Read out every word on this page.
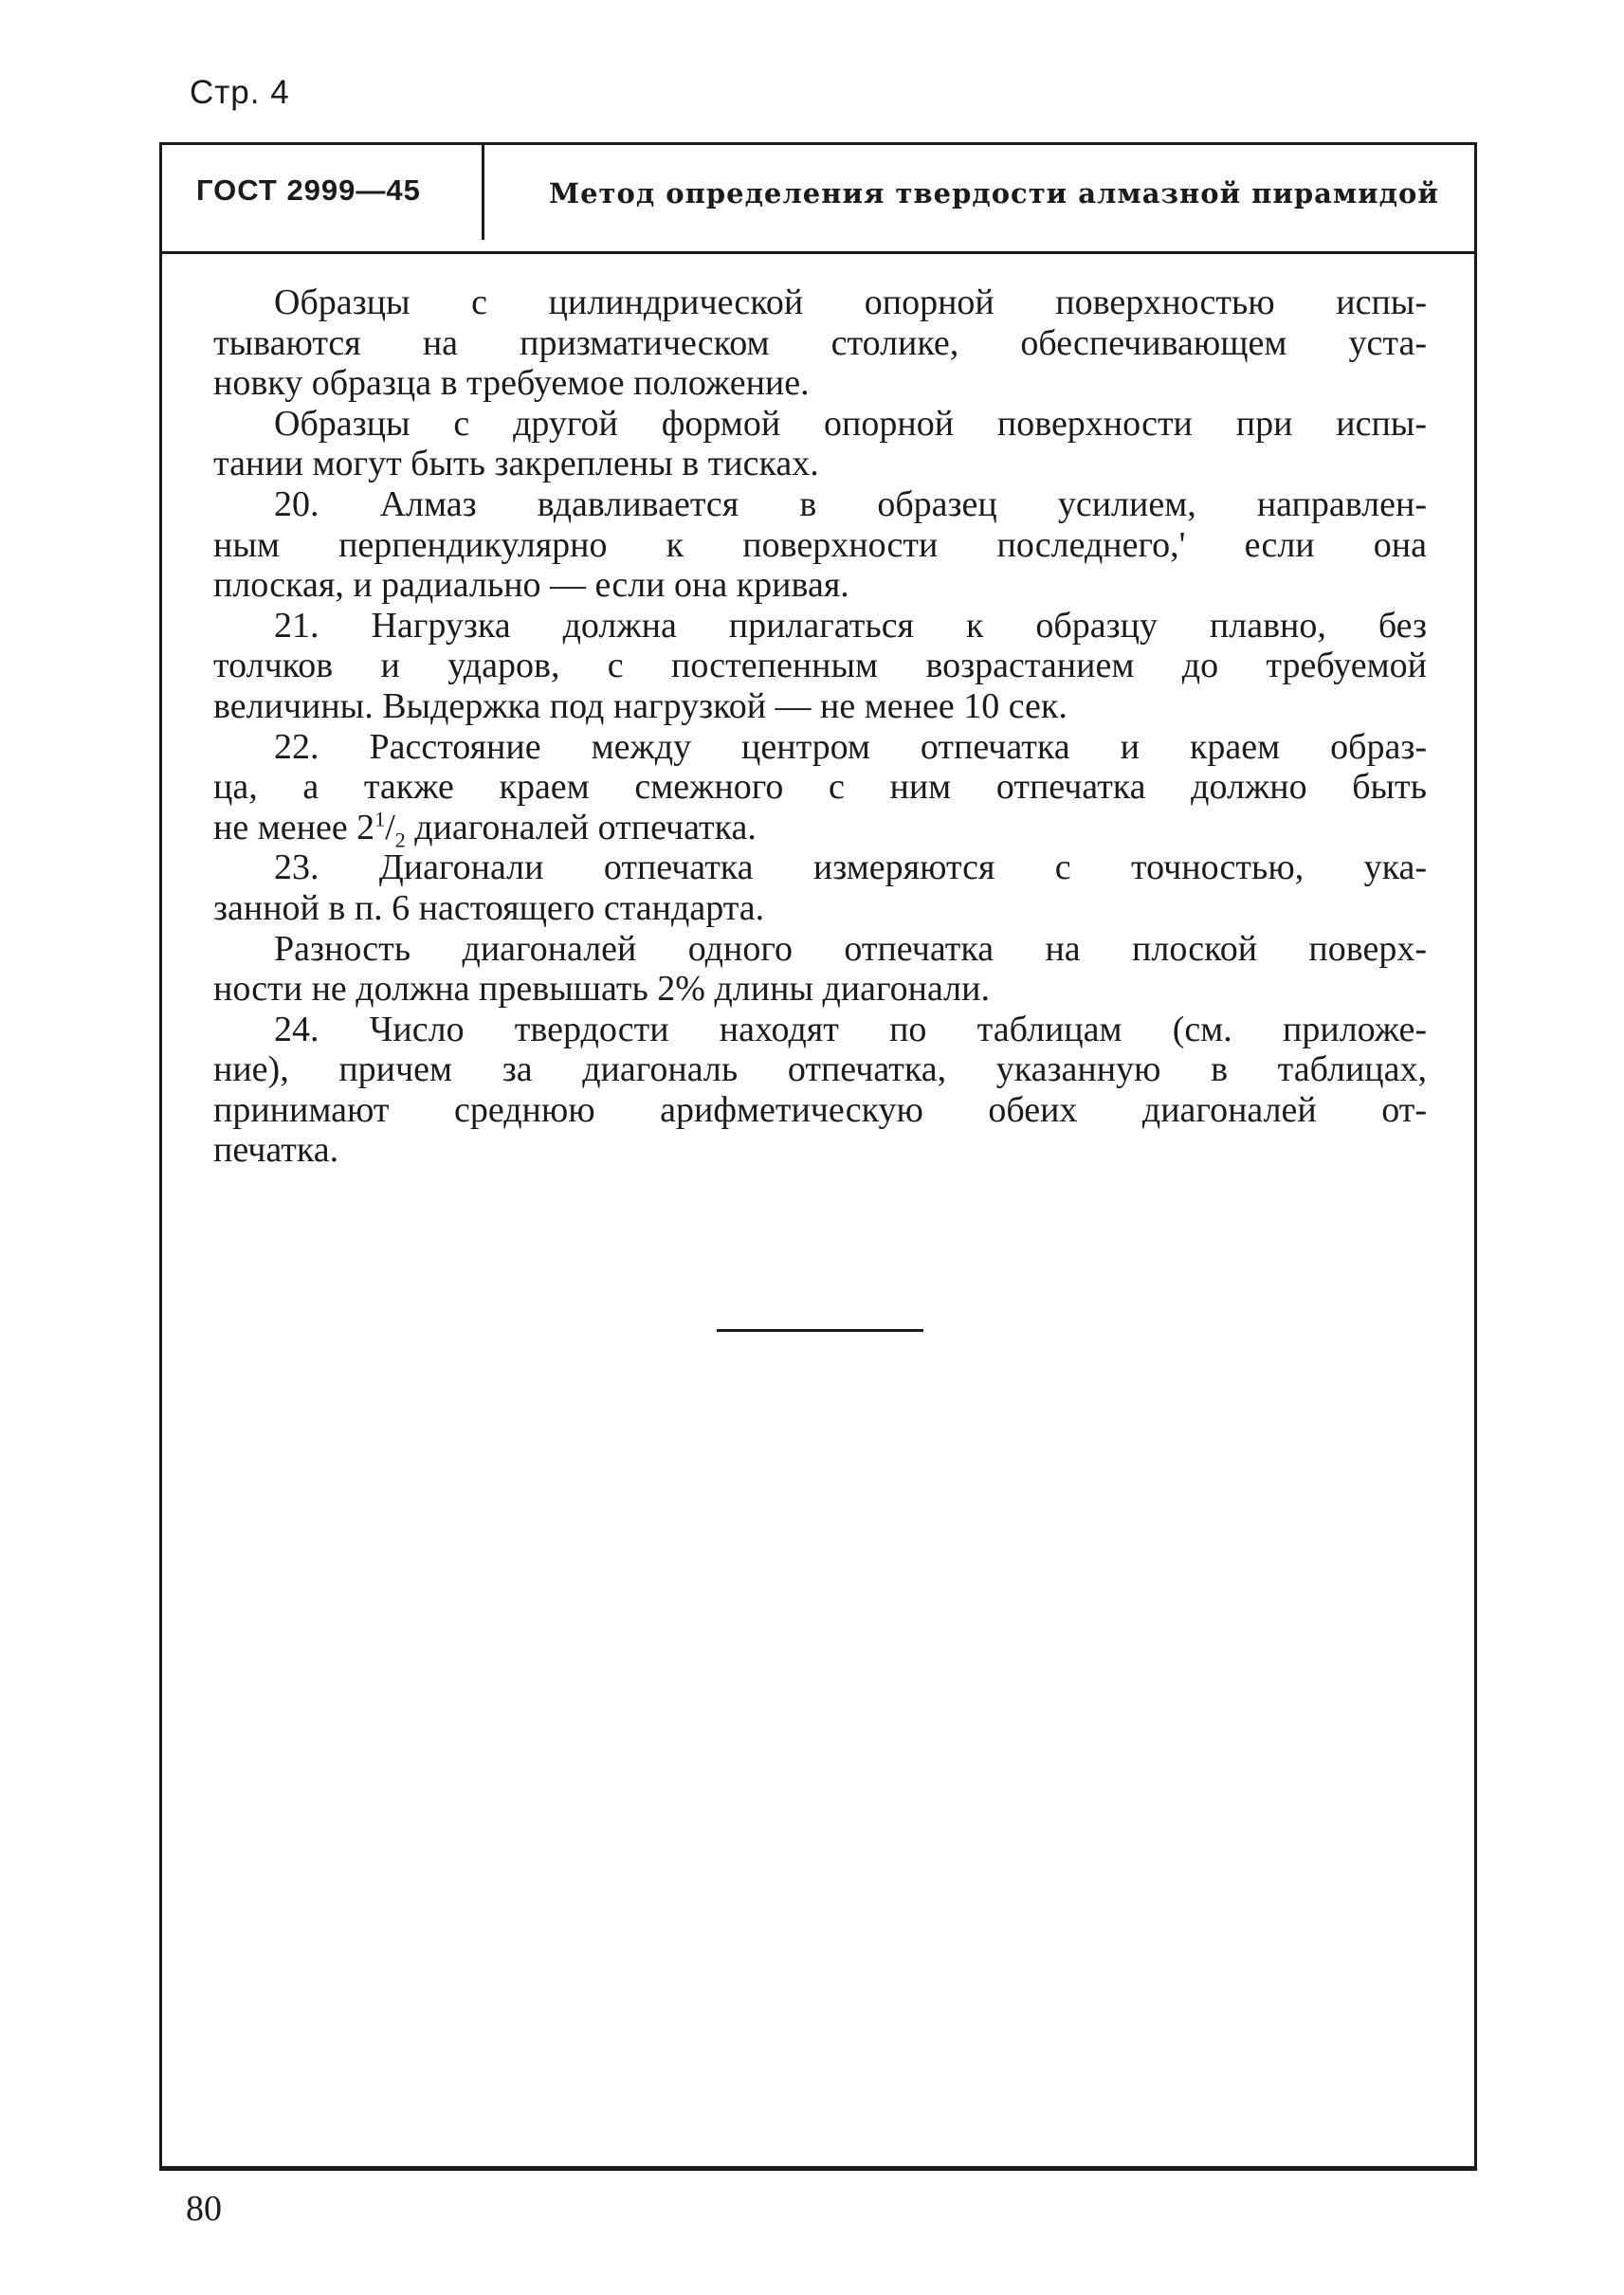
Стр. 4
ГОСТ 2999—45	Метод определения твердости алмазной пирамидой
Образцы с цилиндрической опорной поверхностью испы-
тываются на призматическом столике, обеспечивающем уста-
новку образца в требуемое положение.
Образцы с другой формой опорной поверхности при испы-
тании могут быть закреплены в тисках.
20. Алмаз вдавливается в образец усилием, направлен-
ным перпендикулярно к поверхности последнего,' если она
плоская, и радиально — если она кривая.
21. Нагрузка должна прилагаться к образцу плавно, без
толчков и ударов, с постепенным возрастанием до требуемой
величины. Выдержка под нагрузкой — не менее 10 сек.
22. Расстояние между центром отпечатка и краем образ-
ца, а также краем смежного с ним отпечатка должно быть
не менее $2^1/_2$ диагоналей отпечатка.
23. Диагонали отпечатка измеряются с точностью, ука-
занной в п. 6 настоящего стандарта.
Разность диагоналей одного отпечатка на плоской поверх-
ности не должна превышать 2% длины диагонали.
24. Число твердости находят по таблицам (см. приложе-
ние), причем за диагональ отпечатка, указанную в таблицах,
принимают среднюю арифметическую обеих диагоналей от-
печатка.
80
